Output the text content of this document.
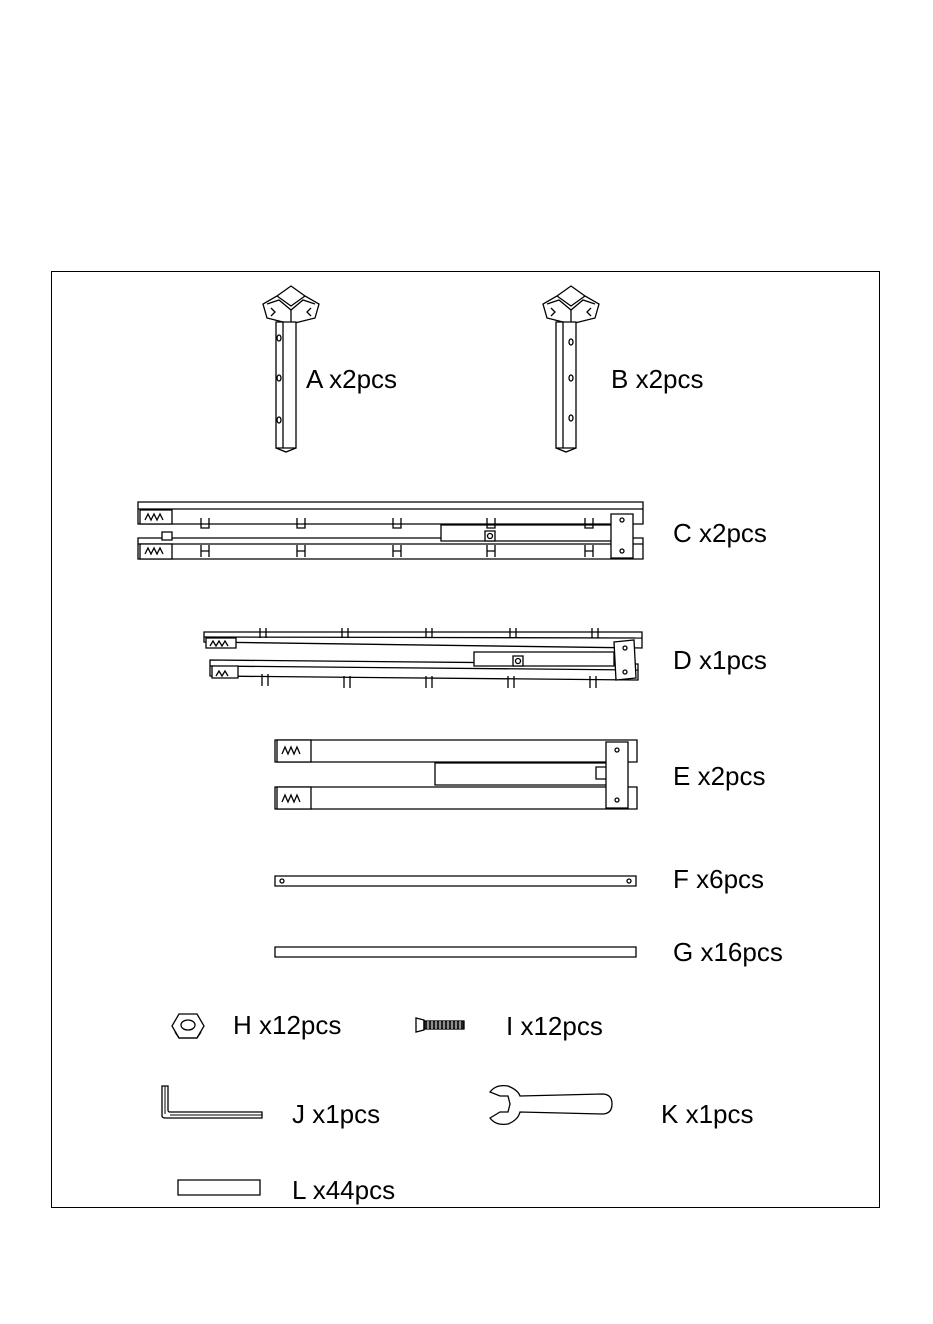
A x2pcs	B x2pcs
C x2pcs
D x1pcs
E x2pcs
F x6pcs
G x16pcs
H x12pcs	I x12pcs
J x1pcs	K x1pcs
L x44pcs
